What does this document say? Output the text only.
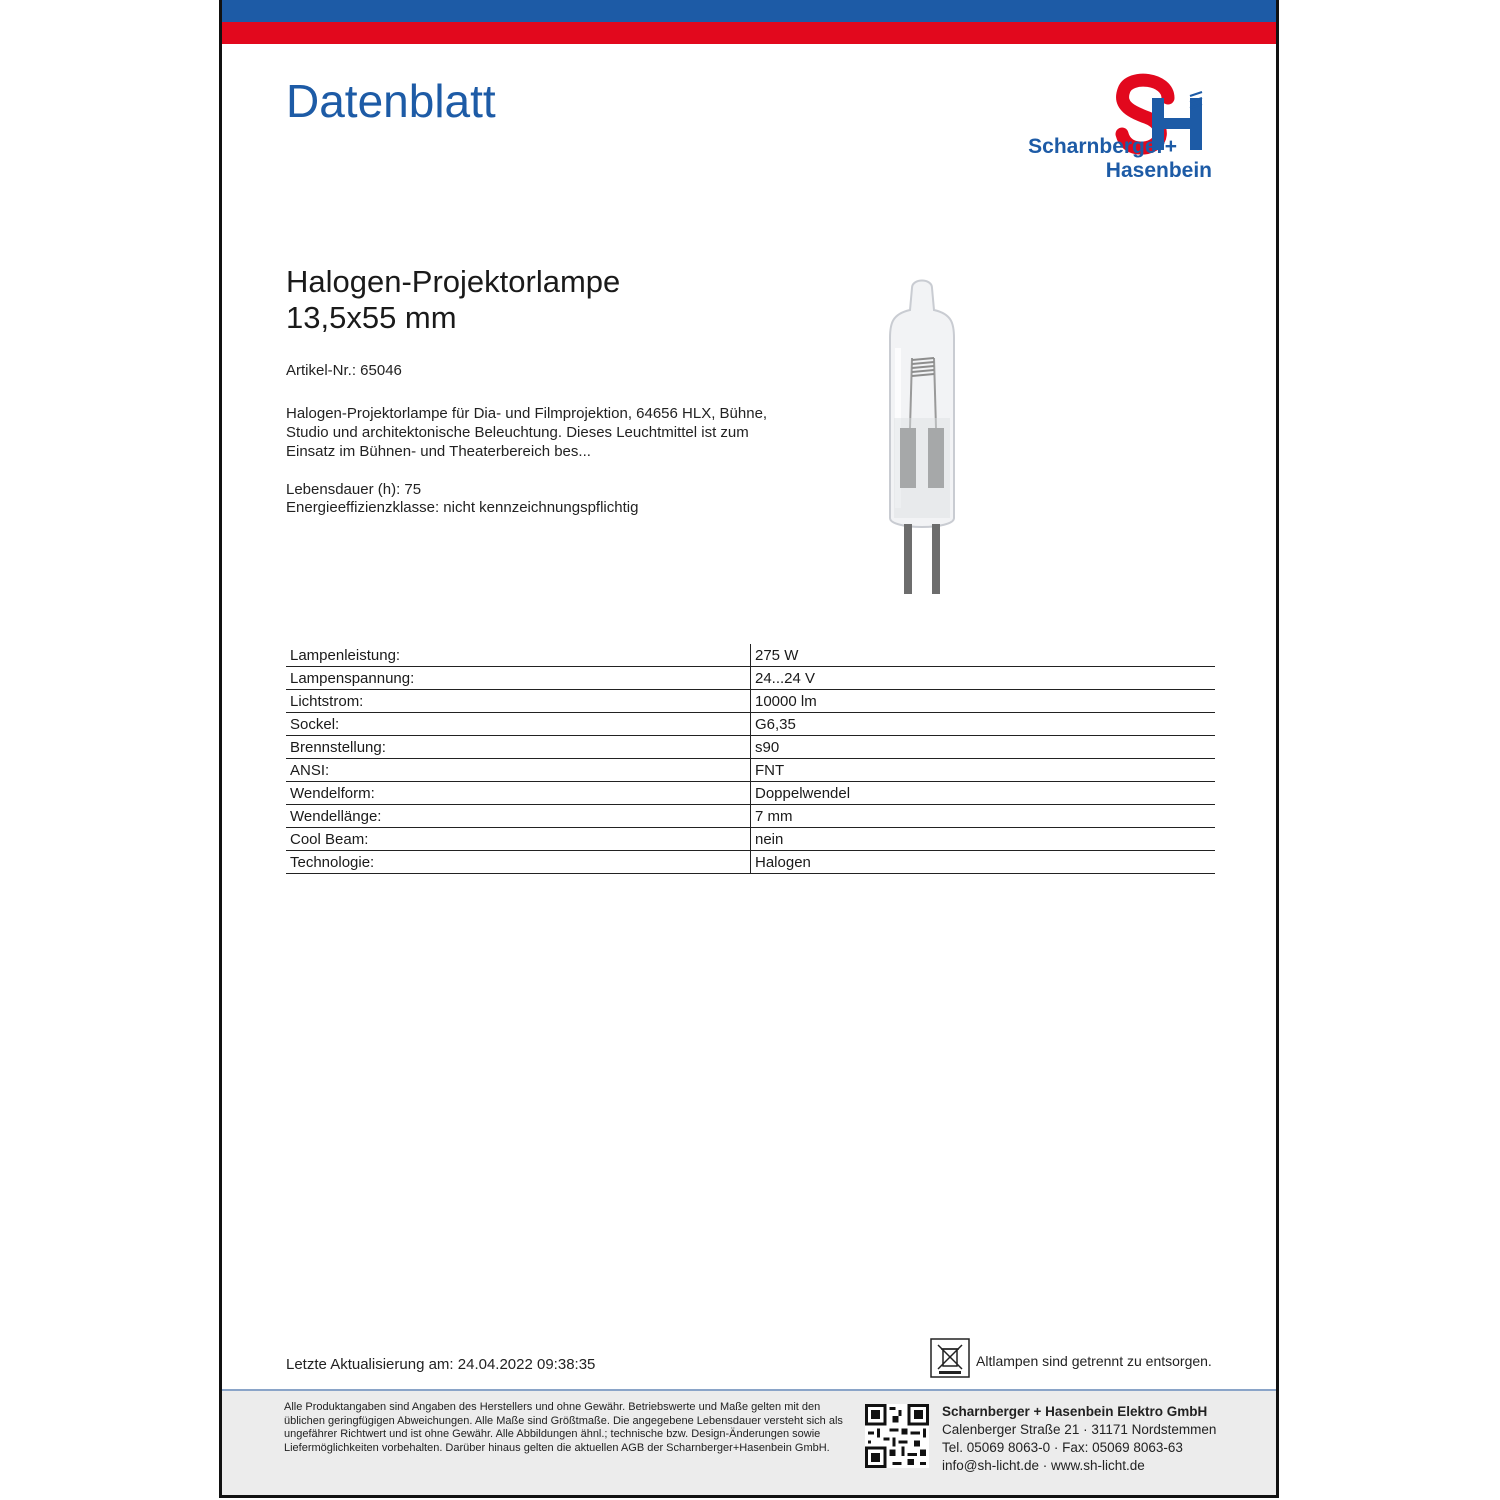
Datenblatt
Scharnberger+
Hasenbein
Halogen-Projektorlampe
13,5x55 mm
Artikel-Nr.: 65046
Halogen-Projektorlampe für Dia- und Filmprojektion, 64656 HLX, Bühne, Studio und architektonische Beleuchtung. Dieses Leuchtmittel ist zum Einsatz im Bühnen- und Theaterbereich bes...
Lebensdauer (h): 75
Energieeffizienzklasse: nicht kennzeichnungspflichtig
Lampenleistung:	275 W
Lampenspannung:	24...24 V
Lichtstrom:	10000 lm
Sockel:	G6,35
Brennstellung:	s90
ANSI:	FNT
Wendelform:	Doppelwendel
Wendellänge:	7 mm
Cool Beam:	nein
Technologie:	Halogen
Letzte Aktualisierung am: 24.04.2022 09:38:35	Altlampen sind getrennt zu entsorgen.
Alle Produktangaben sind Angaben des Herstellers und ohne Gewähr. Betriebswerte und Maße gelten mit den üblichen geringfügigen Abweichungen. Alle Maße sind Größtmaße. Die angegebene Lebensdauer versteht sich als ungefährer Richtwert und ist ohne Gewähr. Alle Abbildungen ähnl.; technische bzw. Design-Änderungen sowie Liefermöglichkeiten vorbehalten. Darüber hinaus gelten die aktuellen AGB der Scharnberger+Hasenbein GmbH.
Scharnberger + Hasenbein Elektro GmbH
Calenberger Straße 21 · 31171 Nordstemmen
Tel. 05069 8063-0 · Fax: 05069 8063-63
info@sh-licht.de · www.sh-licht.de
